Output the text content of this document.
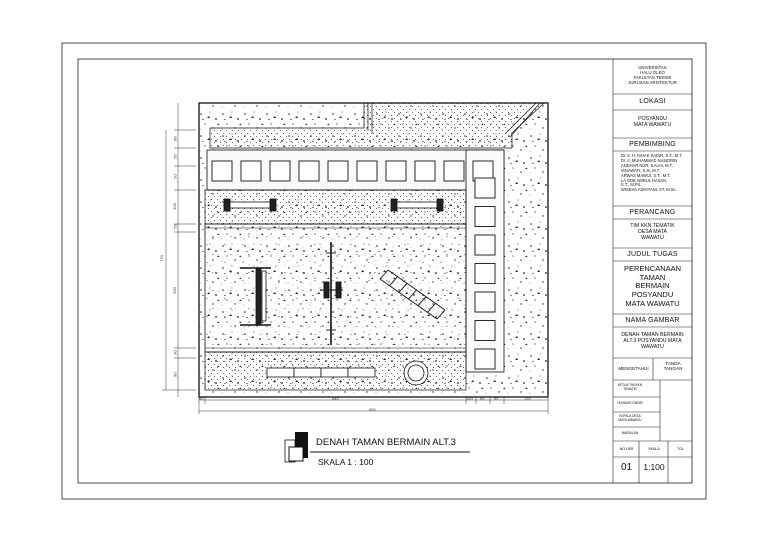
60	640	100 50 50	120
900
770
80
50
50
100
50
330
30
80
UNIVERSITAS
HALU OLEO
FAKULTAS TEKNIK
JURUSAN ARSITEKTUR
LOKASI
POSYANDU
MATA WAWATU
PEMBIMBING
Dr. Ir. H. ISHAK KADIR, S.T., M.T.
Dr. Ir. MUHAMMAD NASIDRIN
ANDHAR NUR, S.Kom, M.T.
ISNAWATI, S.Si, M.T.
ARWAS MAWIJI, S.T., M.T.
LA ODE AMRUL HASAN,
S.T., M.Pd.
WISEHA ADHIYANI, ST, M.Sc.
PERANCANG
TIM KKN TEMATIK
DESA MATA
WAWATU
JUDUL TUGAS
PERENCANAAN
TAMAN
BERMAIN
POSYANDU
MATA WAWATU
NAMA GAMBAR
DENAH TAMAN BERMAIN
ALT.3 POSYANDU MATA
WAWATU
MENGETAHUI
TANDA
TANGAN
KETUA TIM KKN
TEMATIK
HUSNIAR EMDIR
KEPALA DESA
MATA WAWATU
MARDILAN
NO.LBR	SKALA	TGL
01	1:100
DENAH TAMAN BERMAIN ALT.3
SKALA 1 : 100
